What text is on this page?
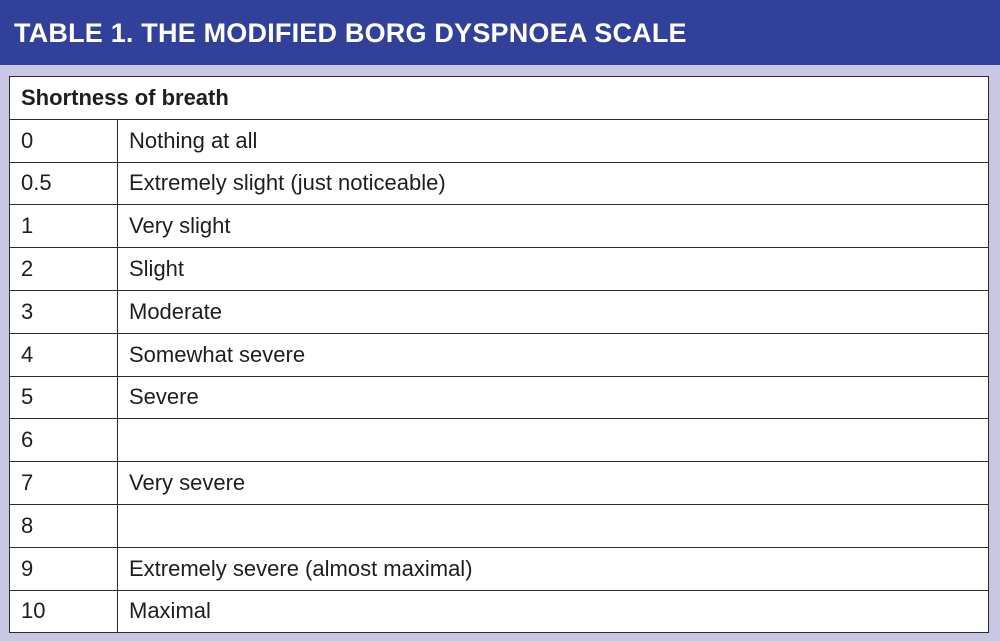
TABLE 1. THE MODIFIED BORG DYSPNOEA SCALE
Shortness of breath	
0	Nothing at all
0.5	Extremely slight (just noticeable)
1	Very slight
2	Slight
3	Moderate
4	Somewhat severe
5	Severe
6	
7	Very severe
8	
9	Extremely severe (almost maximal)
10	Maximal
